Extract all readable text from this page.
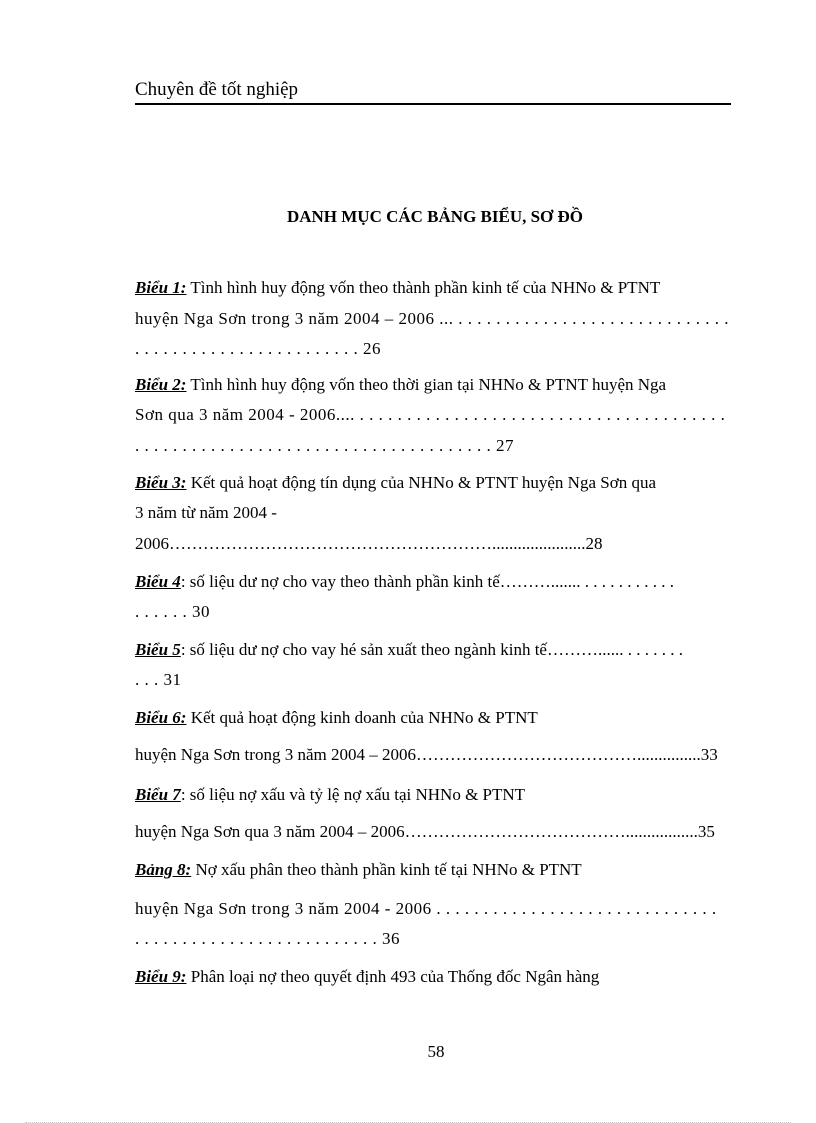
Chuyên đề tốt nghiệp
DANH MỤC CÁC BẢNG BIỂU, SƠ ĐỒ
Biểu 1: Tình hình huy động vốn theo thành phần kinh tế của NHNo & PTNT
huyện Nga Sơn trong 3 năm 2004 – 2006 ... . . . . . . . . . . . . . . . . . . . . . . . . . . . . .
. . . . . . . . . . . . . . . . . . . . . . . . 26
Biểu 2: Tình hình huy động vốn theo thời gian tại NHNo & PTNT huyện Nga
Sơn qua 3 năm 2004 - 2006.... . . . . . . . . . . . . . . . . . . . . . . . . . . . . . . . . . . . . . . .
. . . . . . . . . . . . . . . . . . . . . . . . . . . . . . . . . . . . . . 27
Biểu 3: Kết quả hoạt động tín dụng của NHNo & PTNT huyện Nga Sơn qua
3 năm từ năm 2004 -
2006…………………………………………………......................28
Biểu 4: số liệu dư nợ cho vay theo thành phần kinh tế………....... . . . . . . . . . . .
. . . . . . 30
Biểu 5: số liệu dư nợ cho vay hé sản xuất theo ngành kinh tế………...... . . . . . . .
. . . 31
Biểu 6: Kết quả hoạt động kinh doanh của NHNo & PTNT
huyện Nga Sơn trong 3 năm 2004 – 2006…………………………………...............33
Biểu 7: số liệu nợ xấu và tỷ lệ nợ xấu tại NHNo & PTNT
huyện Nga Sơn qua 3 năm 2004 – 2006………………………………….................35
Bảng 8: Nợ xấu phân theo thành phần kinh tế tại NHNo & PTNT
huyện Nga Sơn trong 3 năm 2004 - 2006 . . . . . . . . . . . . . . . . . . . . . . . . . . . . . .
. . . . . . . . . . . . . . . . . . . . . . . . . . 36
Biểu 9: Phân loại nợ theo quyết định 493 của Thống đốc Ngân hàng
58
